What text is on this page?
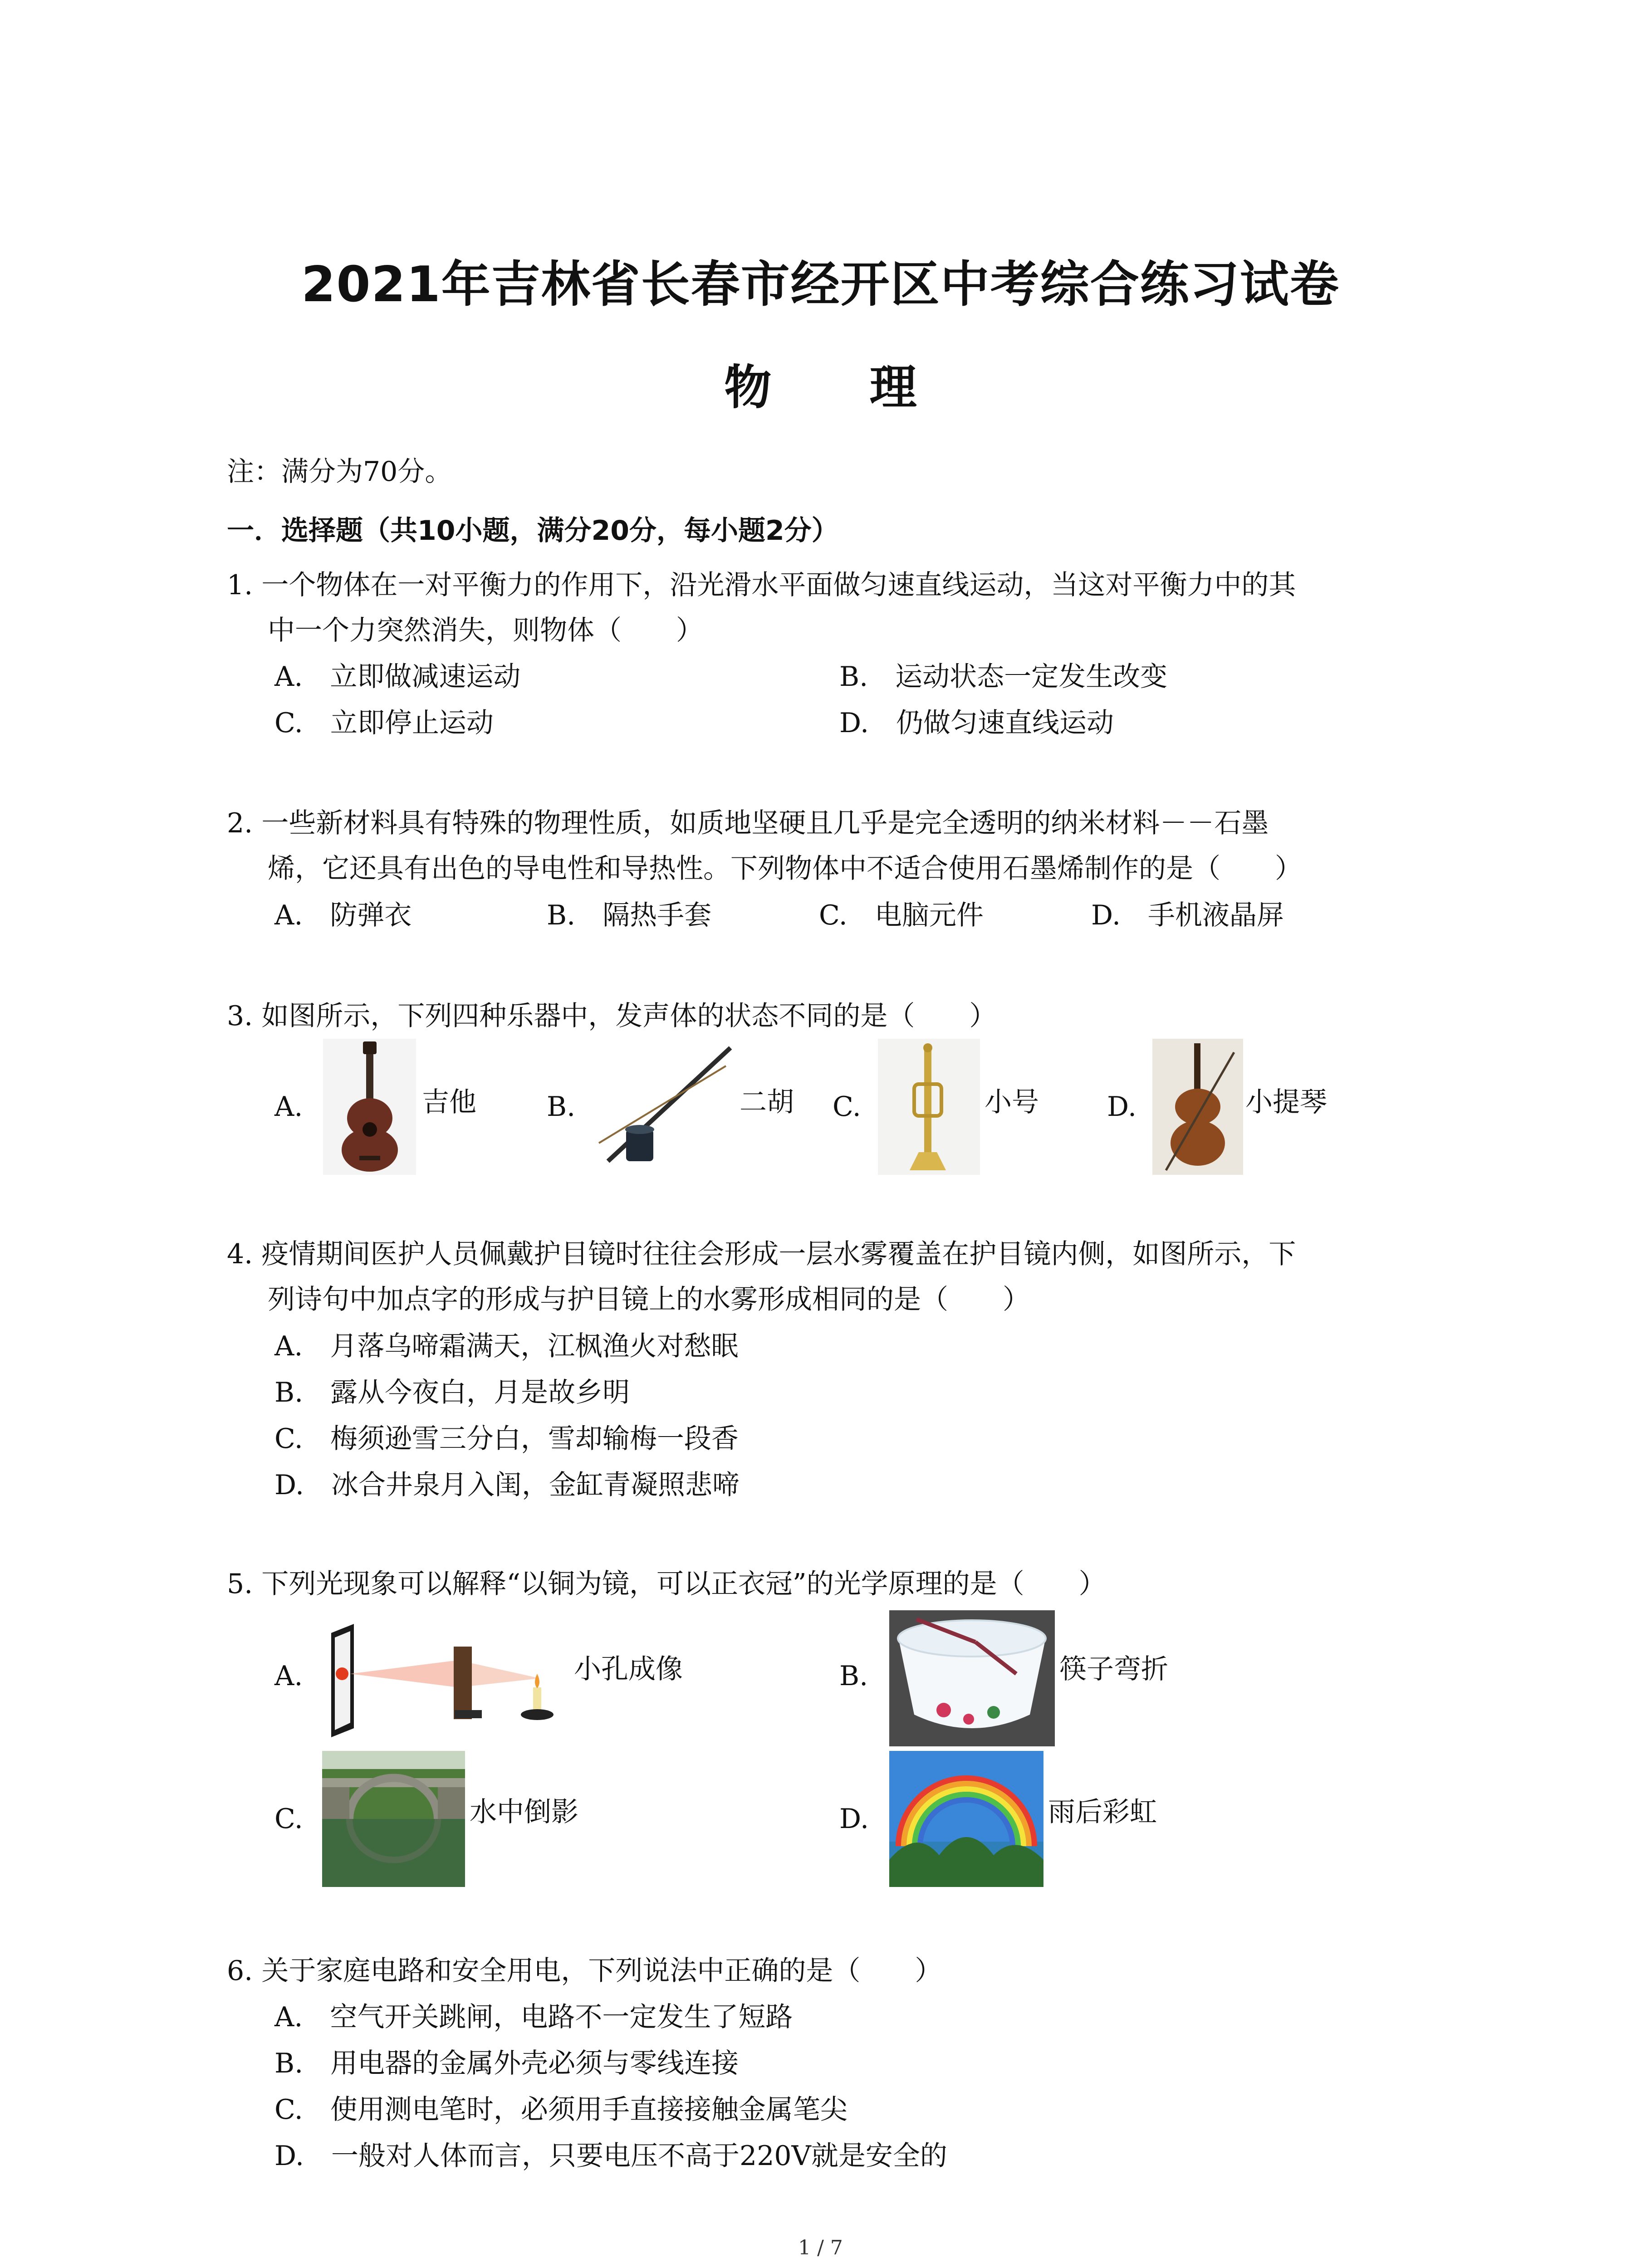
2021年吉林省长春市经开区中考综合练习试卷
物 理
注：满分为70分。
一．选择题（共10小题，满分20分，每小题2分）
1. 一个物体在一对平衡力的作用下，沿光滑水平面做匀速直线运动，当这对平衡力中的其
中一个力突然消失，则物体（　　）
A.　立即做减速运动	B.　运动状态一定发生改变
C.　立即停止运动	D.　仍做匀速直线运动
2. 一些新材料具有特殊的物理性质，如质地坚硬且几乎是完全透明的纳米材料－－石墨
烯，它还具有出色的导电性和导热性。下列物体中不适合使用石墨烯制作的是（　　）
A.　防弹衣	B.　隔热手套	C.　电脑元件	D.　手机液晶屏
3. 如图所示，下列四种乐器中，发声体的状态不同的是（　　）
A.	吉他	B.	二胡 C.	小号	D.	小提琴
4. 疫情期间医护人员佩戴护目镜时往往会形成一层水雾覆盖在护目镜内侧，如图所示，下
列诗句中加点字的形成与护目镜上的水雾形成相同的是（　　）
A.　月落乌啼霜满天，江枫渔火对愁眠
B.　露从今夜白，月是故乡明
C.　梅须逊雪三分白，雪却输梅一段香
D.　冰合井泉月入闺，金缸青凝照悲啼
5. 下列光现象可以解释“以铜为镜，可以正衣冠”的光学原理的是（　　）
A.	小孔成像	B.	筷子弯折
C.	水中倒影	D.	雨后彩虹
6. 关于家庭电路和安全用电，下列说法中正确的是（　　）
A.　空气开关跳闸，电路不一定发生了短路
B.　用电器的金属外壳必须与零线连接
C.　使用测电笔时，必须用手直接接触金属笔尖
D.　一般对人体而言，只要电压不高于220V就是安全的
1 / 7
